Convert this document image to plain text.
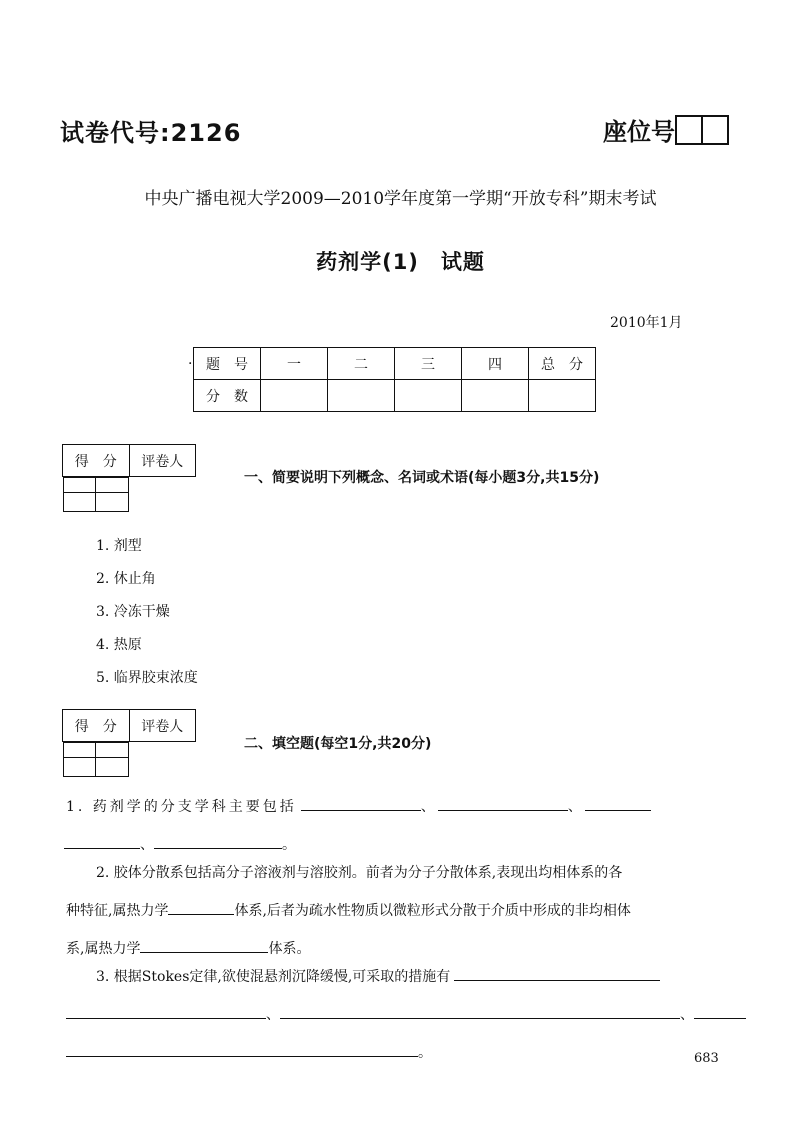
试卷代号:2126	座位号
中央广播电视大学2009—2010学年度第一学期“开放专科”期末考试
药剂学(1)　试题
2010年1月
· 题　号	一	二	三	四	总　分
分　数					
得　分	评卷人

一、简要说明下列概念、名词或术语(每小题3分,共15分)
1. 剂型
2. 休止角
3. 冷冻干燥
4. 热原
5. 临界胶束浓度
得　分	评卷人

二、填空题(每空1分,共20分)
1. 药剂学的分支学科主要包括	、	、
、	。
2. 胶体分散系包括高分子溶液剂与溶胶剂。前者为分子分散体系,表现出均相体系的各
种特征,属热力学	体系,后者为疏水性物质以微粒形式分散于介质中形成的非均相体
系,属热力学	体系。
3. 根据Stokes定律,欲使混悬剂沉降缓慢,可采取的措施有
、	、
。	683
